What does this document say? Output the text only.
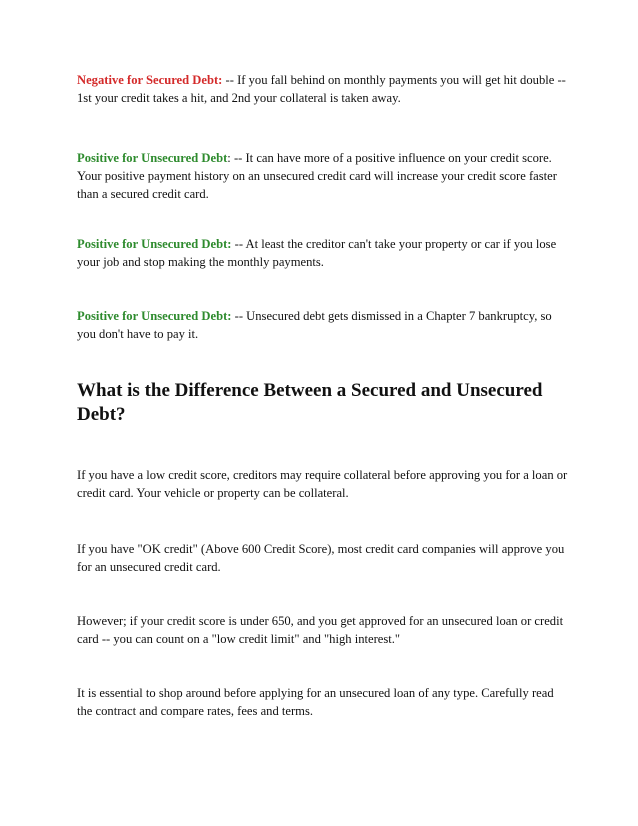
Negative for Secured Debt: -- If you fall behind on monthly payments you will get hit double -- 1st your credit takes a hit, and 2nd your collateral is taken away.
Positive for Unsecured Debt: -- It can have more of a positive influence on your credit score. Your positive payment history on an unsecured credit card will increase your credit score faster than a secured credit card.
Positive for Unsecured Debt: -- At least the creditor can't take your property or car if you lose your job and stop making the monthly payments.
Positive for Unsecured Debt: -- Unsecured debt gets dismissed in a Chapter 7 bankruptcy, so you don't have to pay it.
What is the Difference Between a Secured and Unsecured Debt?
If you have a low credit score, creditors may require collateral before approving you for a loan or credit card. Your vehicle or property can be collateral.
If you have "OK credit" (Above 600 Credit Score), most credit card companies will approve you for an unsecured credit card.
However; if your credit score is under 650, and you get approved for an unsecured loan or credit card -- you can count on a "low credit limit" and "high interest."
It is essential to shop around before applying for an unsecured loan of any type. Carefully read the contract and compare rates, fees and terms.
